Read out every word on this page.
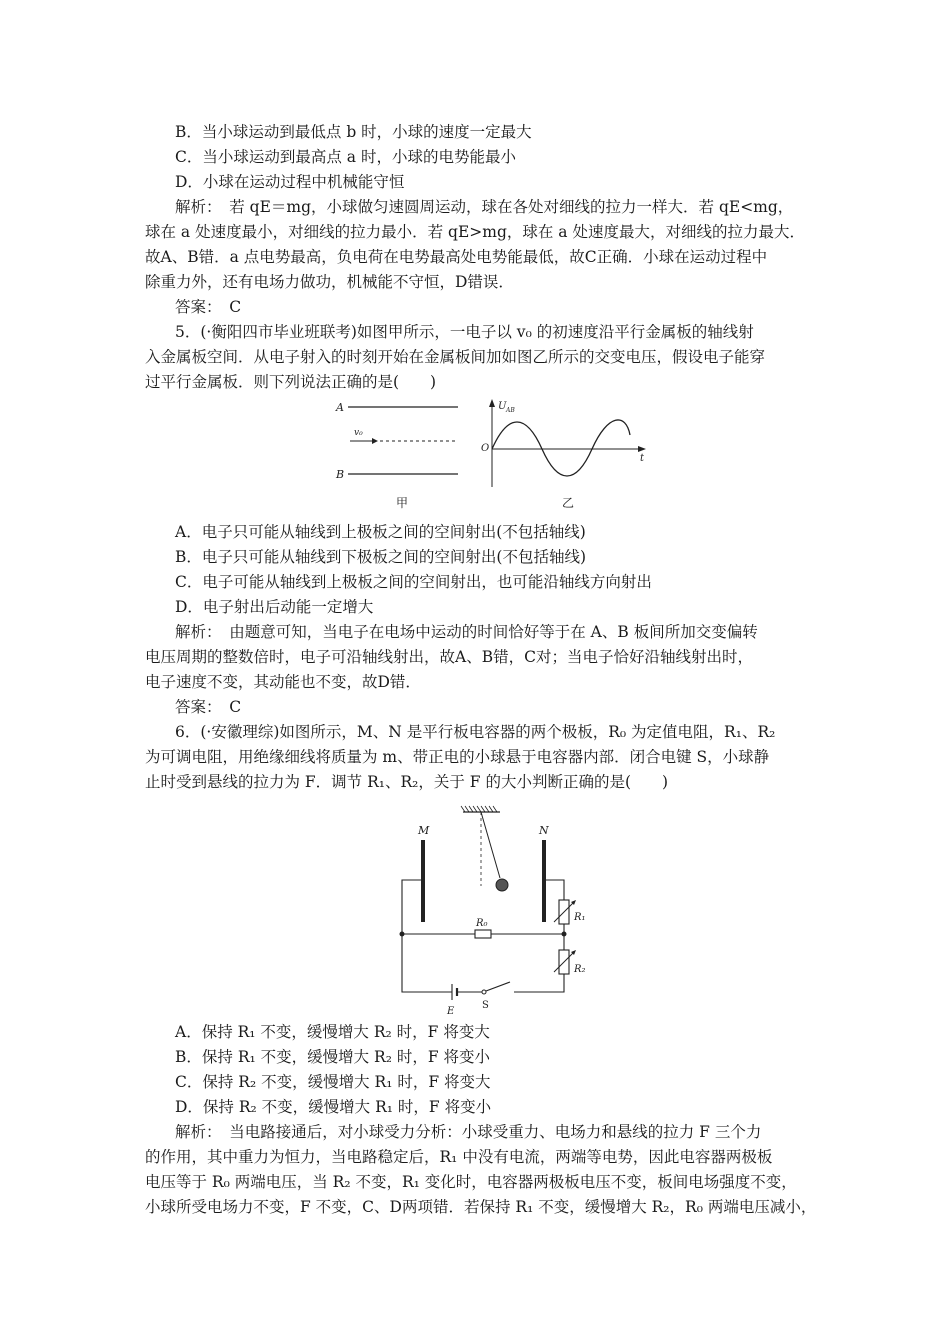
B．当小球运动到最低点 b 时，小球的速度一定最大
C．当小球运动到最高点 a 时，小球的电势能最小
D．小球在运动过程中机械能守恒
解析：　若 qE＝mg，小球做匀速圆周运动，球在各处对细线的拉力一样大．若 qE<mg，
球在 a 处速度最小，对细线的拉力最小．若 qE>mg，球在 a 处速度最大，对细线的拉力最大．
故A、B错．a 点电势最高，负电荷在电势最高处电势能最低，故C正确．小球在运动过程中
除重力外，还有电场力做功，机械能不守恒，D错误．
答案：　C
5．(·衡阳四市毕业班联考)如图甲所示，一电子以 v₀ 的初速度沿平行金属板的轴线射
入金属板空间．从电子射入的时刻开始在金属板间加如图乙所示的交变电压，假设电子能穿
过平行金属板．则下列说法正确的是(　　)
A
B
v₀
甲
U AB
O
t
乙
A．电子只可能从轴线到上极板之间的空间射出(不包括轴线)
B．电子只可能从轴线到下极板之间的空间射出(不包括轴线)
C．电子可能从轴线到上极板之间的空间射出，也可能沿轴线方向射出
D．电子射出后动能一定增大
解析：　由题意可知，当电子在电场中运动的时间恰好等于在 A、B 板间所加交变偏转
电压周期的整数倍时，电子可沿轴线射出，故A、B错，C对；当电子恰好沿轴线射出时，
电子速度不变，其动能也不变，故D错．
答案：　C
6．(·安徽理综)如图所示，M、N 是平行板电容器的两个极板，R₀ 为定值电阻，R₁、R₂
为可调电阻，用绝缘细线将质量为 m、带正电的小球悬于电容器内部．闭合电键 S，小球静
止时受到悬线的拉力为 F．调节 R₁、R₂，关于 F 的大小判断正确的是(　　)
M	N
R₀
R₁
R₂
E
S
A．保持 R₁ 不变，缓慢增大 R₂ 时，F 将变大
B．保持 R₁ 不变，缓慢增大 R₂ 时，F 将变小
C．保持 R₂ 不变，缓慢增大 R₁ 时，F 将变大
D．保持 R₂ 不变，缓慢增大 R₁ 时，F 将变小
解析：　当电路接通后，对小球受力分析：小球受重力、电场力和悬线的拉力 F 三个力
的作用，其中重力为恒力，当电路稳定后，R₁ 中没有电流，两端等电势，因此电容器两极板
电压等于 R₀ 两端电压，当 R₂ 不变，R₁ 变化时，电容器两极板电压不变，板间电场强度不变，
小球所受电场力不变，F 不变，C、D两项错．若保持 R₁ 不变，缓慢增大 R₂，R₀ 两端电压减小，
